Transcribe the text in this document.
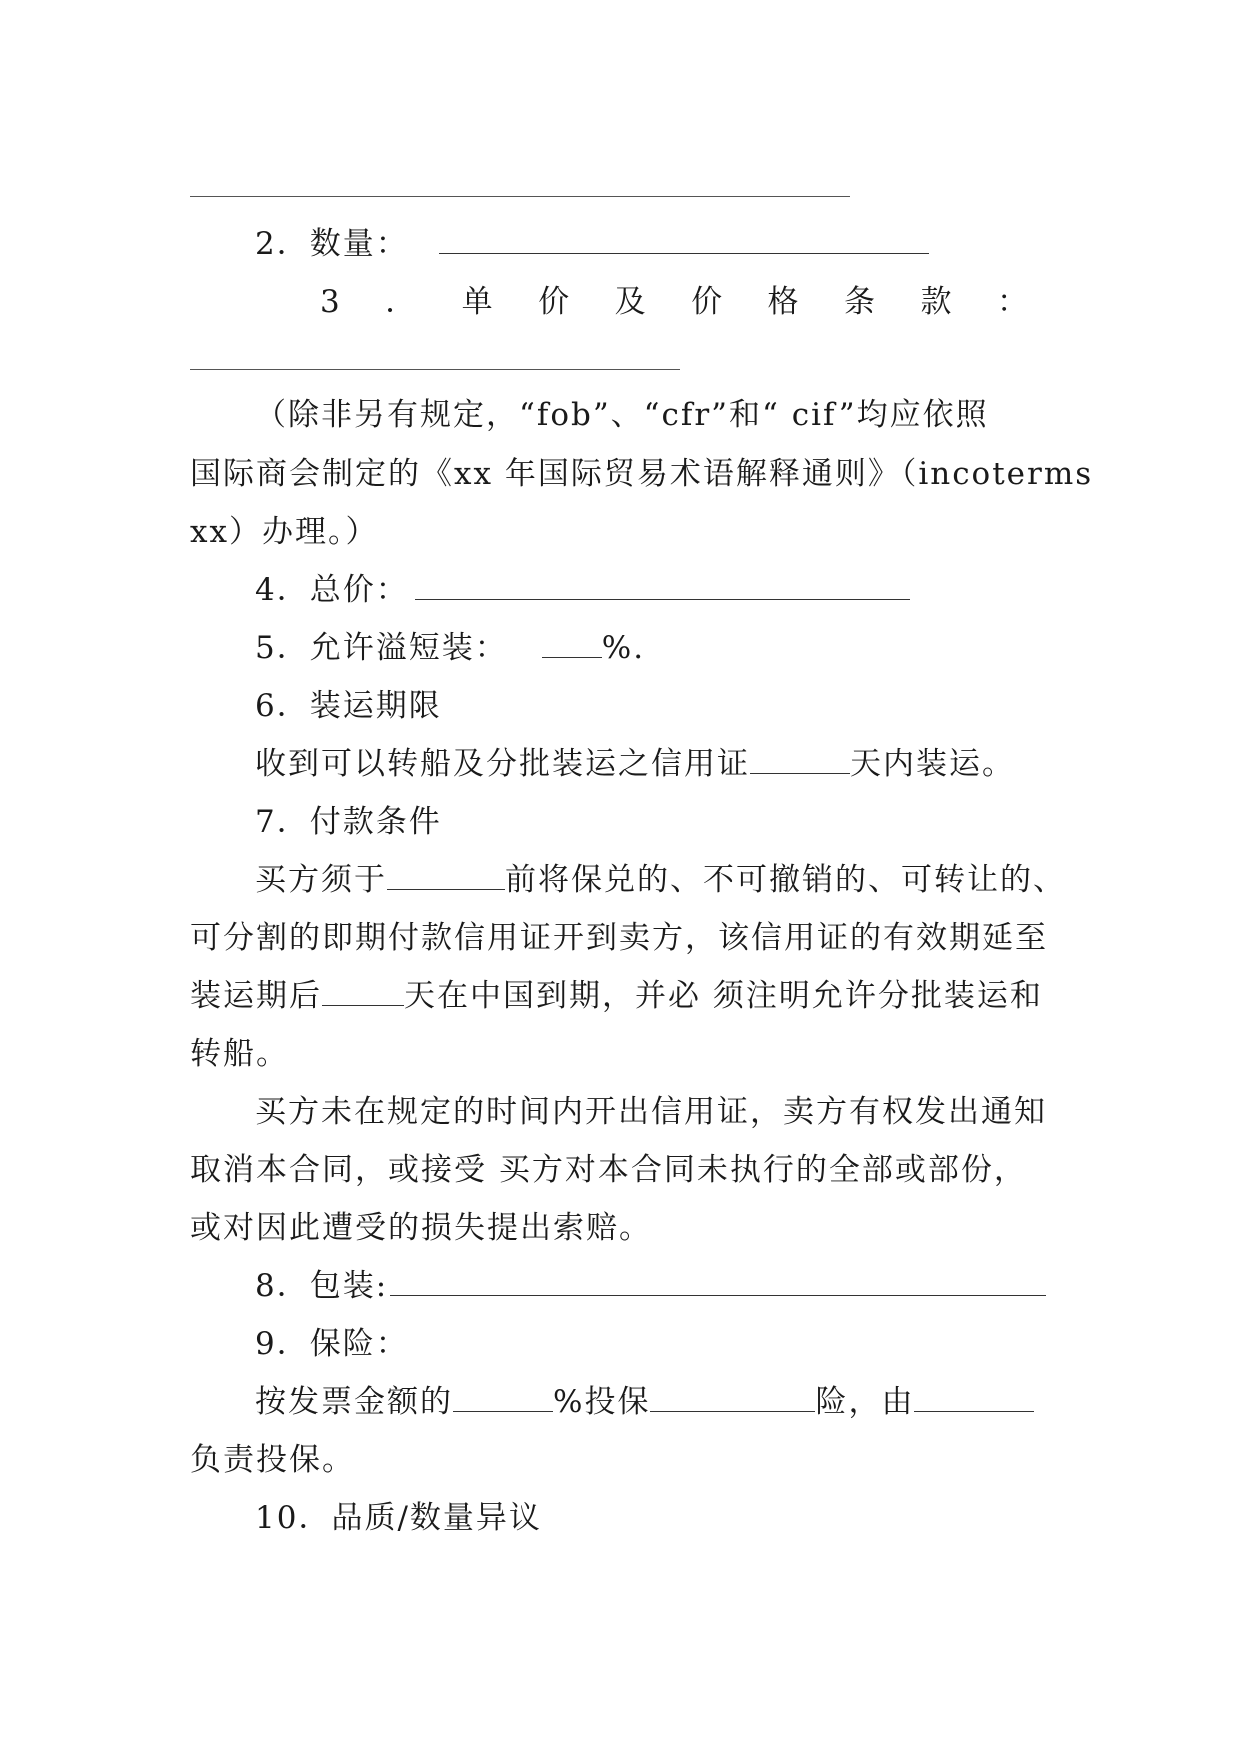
2．数量：
3 ． 单 价 及 价 格 条 款 ：
（除非另有规定，“fob”、“cfr”和“ cif”均应依照
国际商会制定的《xx 年国际贸易术语解释通则》（incoterms
xx）办理。）
4．总价：
5．允许溢短装：	%.
6．装运期限
收到可以转船及分批装运之信用证	天内装运。
7．付款条件
买方须于	前将保兑的、不可撤销的、可转让的、
可分割的即期付款信用证开到卖方，该信用证的有效期延至
装运期后	天在中国到期，并必 须注明允许分批装运和
转船。
买方未在规定的时间内开出信用证，卖方有权发出通知
取消本合同，或接受 买方对本合同未执行的全部或部份，
或对因此遭受的损失提出索赔。
8．包装:
9．保险：
按发票金额的	%投保	险，由
负责投保。
10．品质/数量异议
